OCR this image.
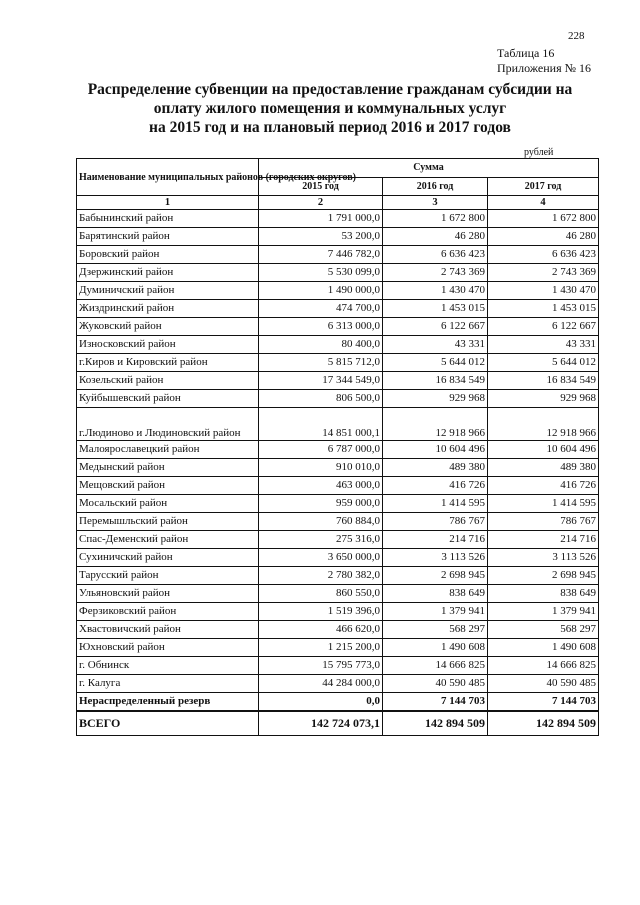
228
Таблица 16
Приложения № 16
Распределение субвенции на предоставление гражданам субсидии на
оплату жилого помещения и коммунальных услуг
на 2015 год и на плановый период 2016 и 2017 годов
рублей
Наименование муниципальных районов (городских округов)	Сумма		
	2015 год	2016 год	2017 год
1	2	3	4
Бабынинский район	1 791 000,0	1 672 800	1 672 800
Барятинский район	53 200,0	46 280	46 280
Боровский район	7 446 782,0	6 636 423	6 636 423
Дзержинский район	5 530 099,0	2 743 369	2 743 369
Думиничский район	1 490 000,0	1 430 470	1 430 470
Жиздринский район	474 700,0	1 453 015	1 453 015
Жуковский район	6 313 000,0	6 122 667	6 122 667
Износковский район	80 400,0	43 331	43 331
г.Киров и Кировский район	5 815 712,0	5 644 012	5 644 012
Козельский район	17 344 549,0	16 834 549	16 834 549
Куйбышевский район	806 500,0	929 968	929 968
г.Людиново и Людиновский район	14 851 000,1	12 918 966	12 918 966
Малоярославецкий район	6 787 000,0	10 604 496	10 604 496
Медынский район	910 010,0	489 380	489 380
Мещовский район	463 000,0	416 726	416 726
Мосальский район	959 000,0	1 414 595	1 414 595
Перемышльский район	760 884,0	786 767	786 767
Спас-Деменский район	275 316,0	214 716	214 716
Сухиничский район	3 650 000,0	3 113 526	3 113 526
Тарусский район	2 780 382,0	2 698 945	2 698 945
Ульяновский район	860 550,0	838 649	838 649
Ферзиковский район	1 519 396,0	1 379 941	1 379 941
Хвастовичский район	466 620,0	568 297	568 297
Юхновский район	1 215 200,0	1 490 608	1 490 608
г. Обнинск	15 795 773,0	14 666 825	14 666 825
г. Калуга	44 284 000,0	40 590 485	40 590 485
Нераспределенный резерв	0,0	7 144 703	7 144 703
ВСЕГО	142 724 073,1	142 894 509	142 894 509
